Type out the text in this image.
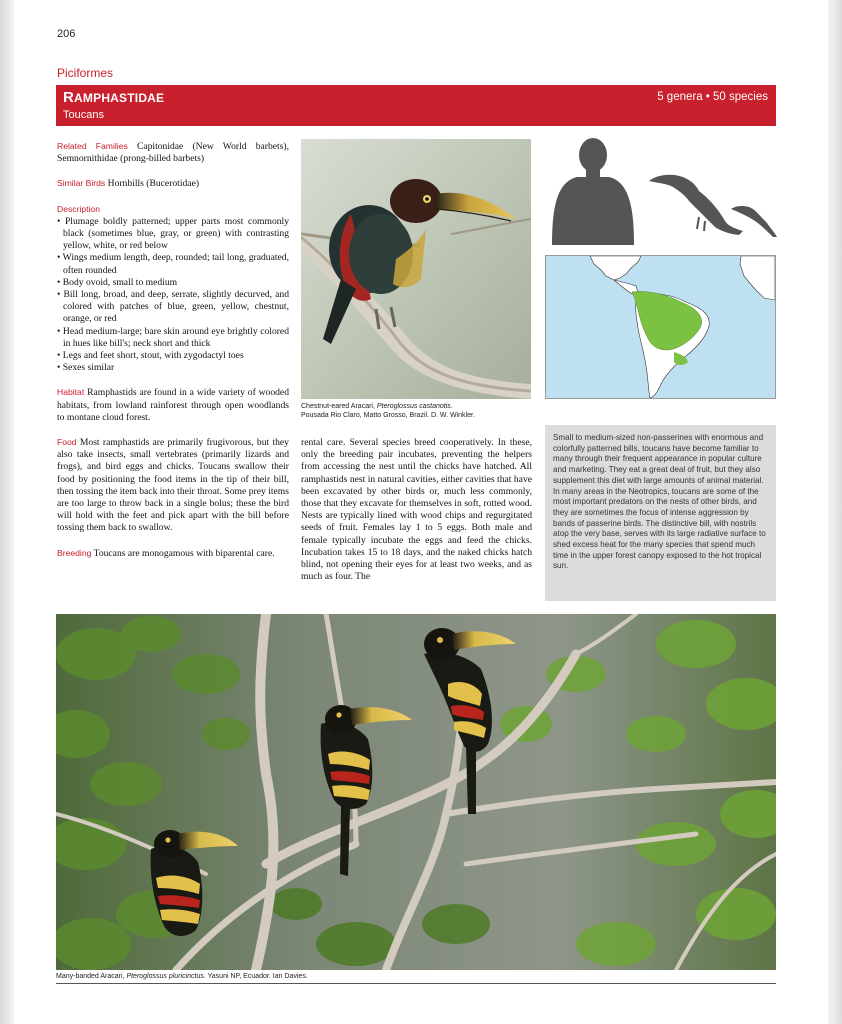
206
Piciformes
RAMPHASTIDAE
Toucans
5 genera • 50 species

Related Families Capitonidae (New World barbets), Semnornithidae (prong-billed barbets)

Similar Birds Hornbills (Bucerotidae)

Description
• Plumage boldly patterned; upper parts most commonly black (sometimes blue, gray, or green) with contrasting yellow, white, or red below
• Wings medium length, deep, rounded; tail long, graduated, often rounded
• Body ovoid, small to medium
• Bill long, broad, and deep, serrate, slightly decurved, and colored with patches of blue, green, yellow, chestnut, orange, or red
• Head medium-large; bare skin around eye brightly colored in hues like bill's; neck short and thick
• Legs and feet short, stout, with zygodactyl toes
• Sexes similar

Habitat Ramphastids are found in a wide variety of wooded habitats, from lowland rainforest through open woodlands to montane cloud forest.

Food Most ramphastids are primarily frugivorous, but they also take insects, small vertebrates (primarily lizards and frogs), and bird eggs and chicks. Toucans swallow their food by positioning the food items in the tip of their bill, then tossing the item back into their throat. Some prey items are too large to throw back in a single bolus; these the bird will hold with the feet and pick apart with the bill before tossing them back to swallow.

Breeding Toucans are monogamous with biparental care.

Chestnut-eared Aracari, Pteroglossus castanotis.
Pousada Rio Claro, Matto Grosso, Brazil. D. W. Winkler.

rental care. Several species breed cooperatively. In these, only the breeding pair incubates, preventing the helpers from accessing the nest until the chicks have hatched. All ramphastids nest in natural cavities, either cavities that have been excavated by other birds or, much less commonly, those that they excavate for themselves in soft, rotted wood. Nests are typically lined with wood chips and regurgitated seeds of fruit. Females lay 1 to 5 eggs. Both male and female typically incubate the eggs and feed the chicks. Incubation takes 15 to 18 days, and the naked chicks hatch blind, not opening their eyes for at least two weeks, and as much as four. The

Small to medium-sized non-passerines with enormous and colorfully patterned bills, toucans have become familiar to many through their frequent appearance in popular culture and marketing. They eat a great deal of fruit, but they also supplement this diet with large amounts of animal material. In many areas in the Neotropics, toucans are some of the most important predators on the nests of other birds, and they are sometimes the focus of intense aggression by bands of passerine birds. The distinctive bill, with nostrils atop the very base, serves with its large radiative surface to shed excess heat for the many species that spend much time in the upper forest canopy exposed to the hot tropical sun.

Many-banded Aracari, Pteroglossus pluricinctus. Yasuni NP, Ecuador. Ian Davies.
